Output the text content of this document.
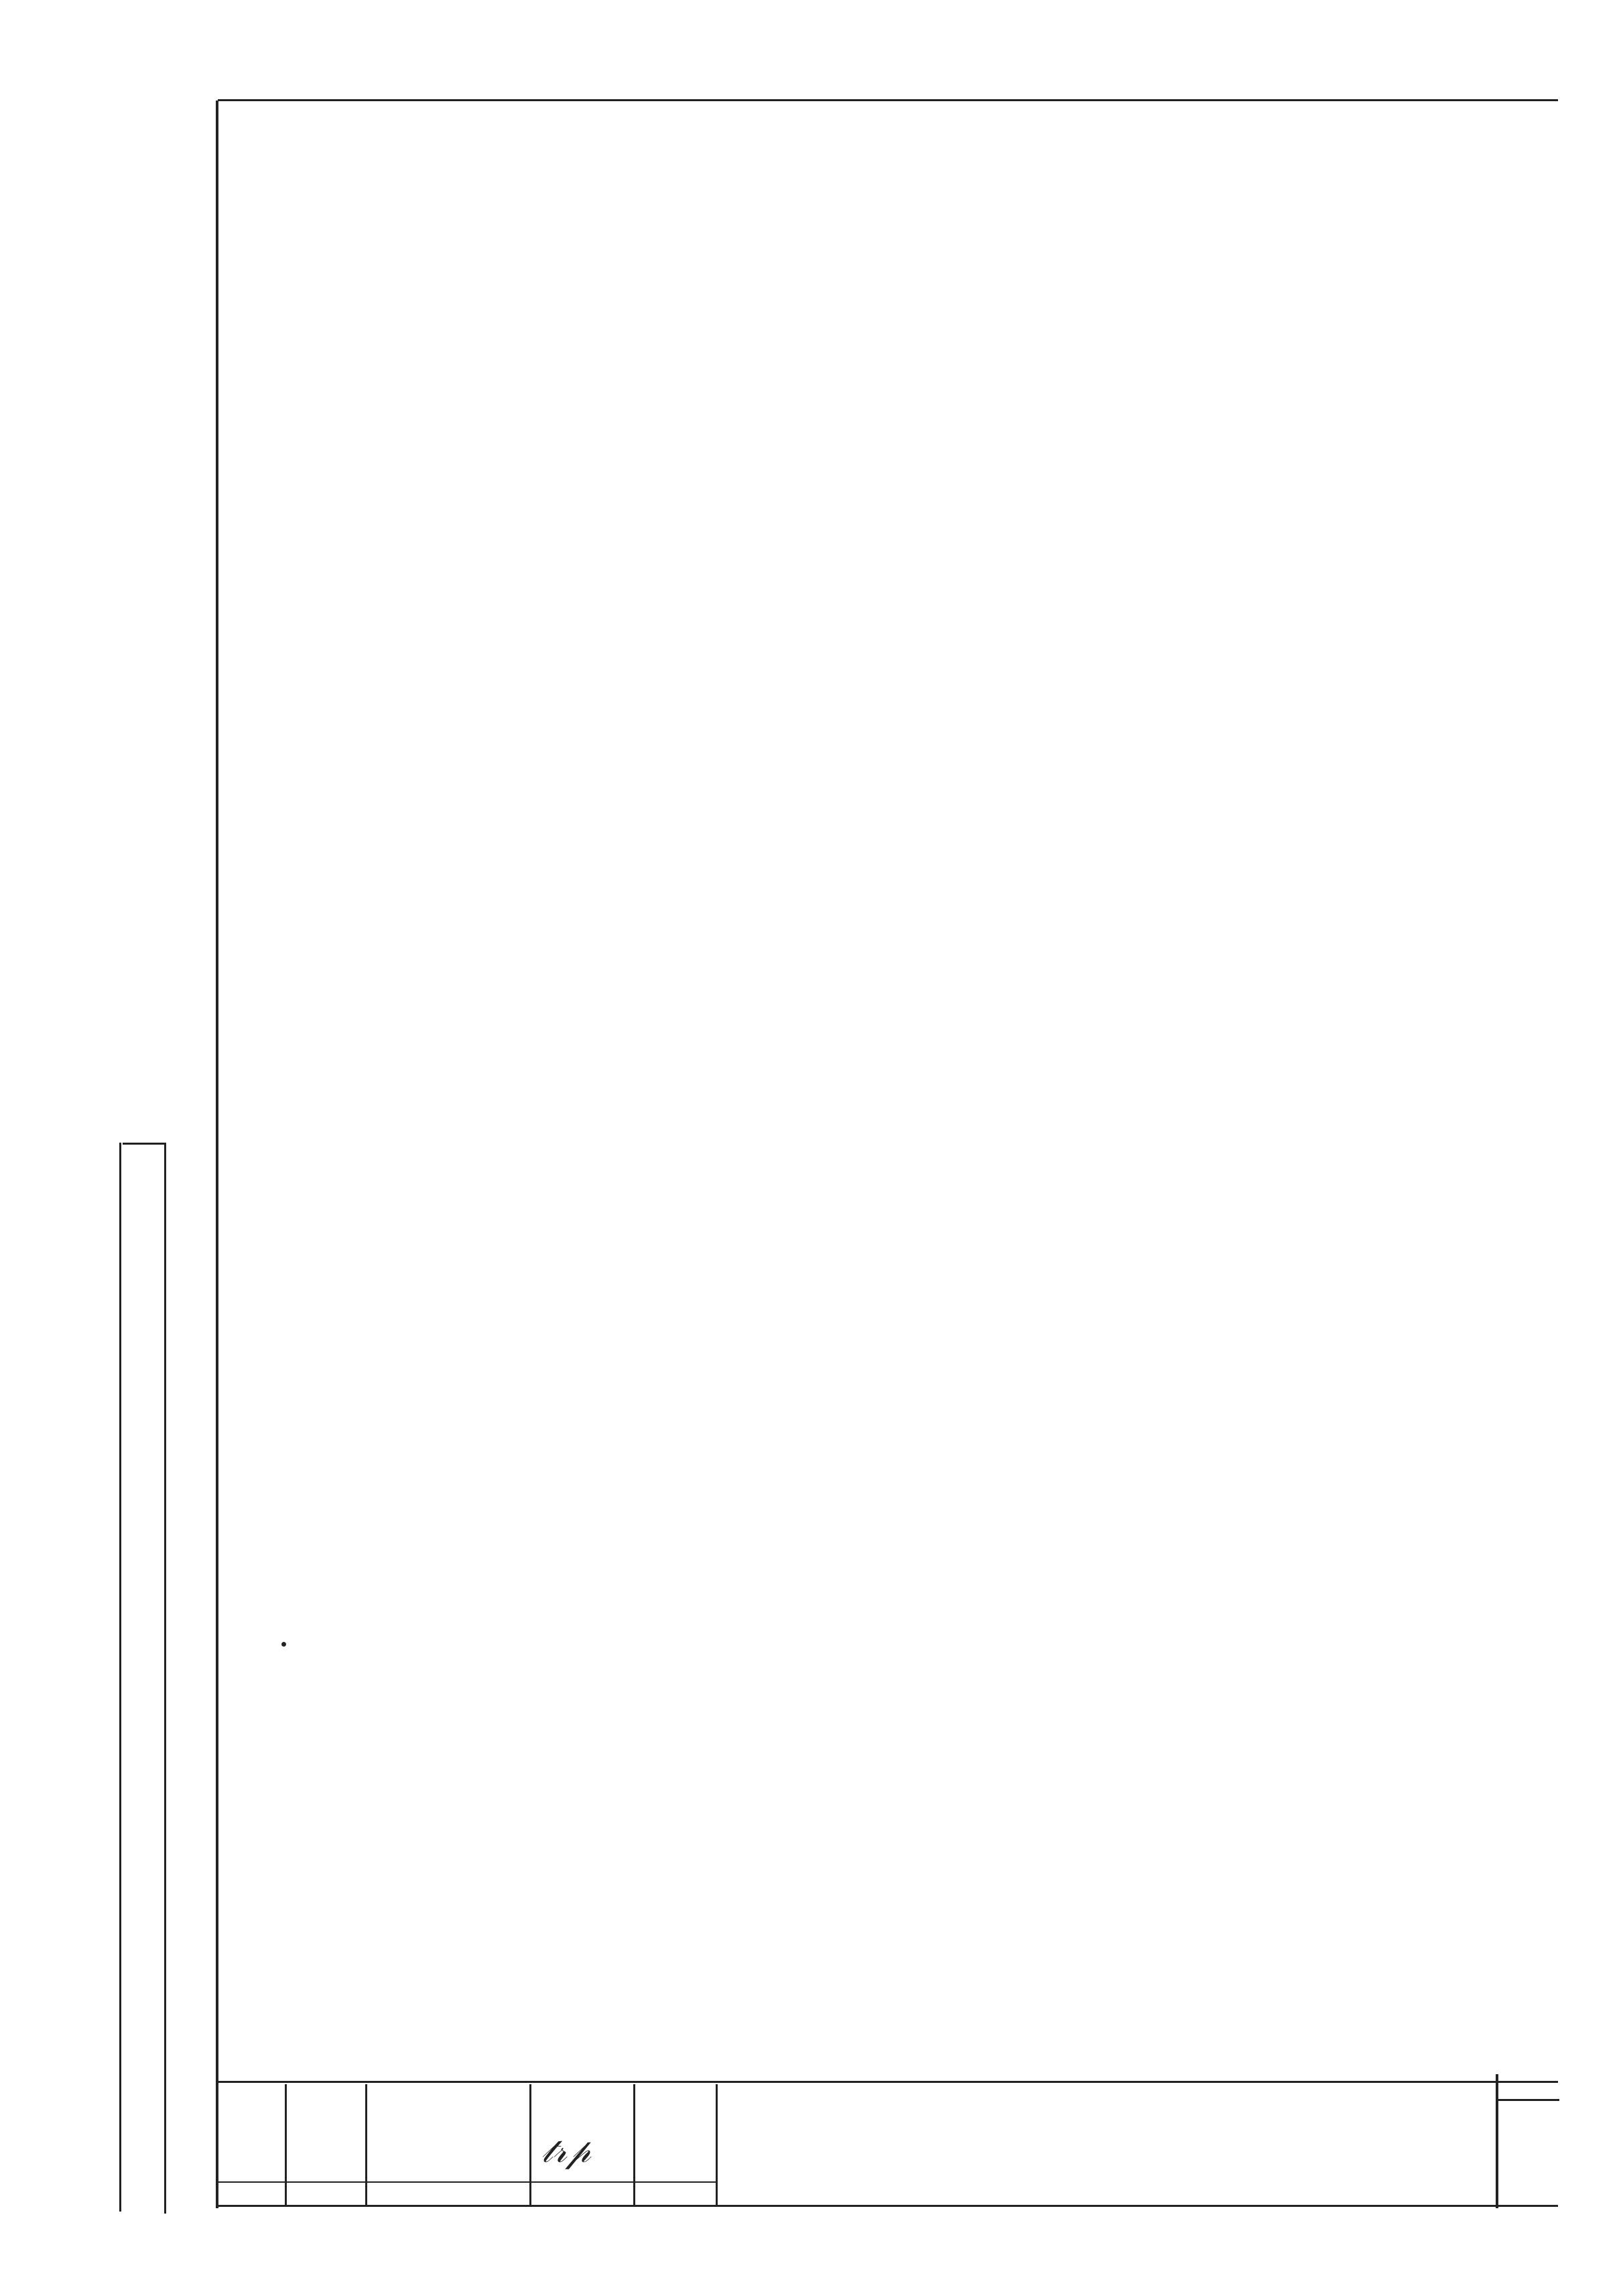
𝓉𝓇𝓅
